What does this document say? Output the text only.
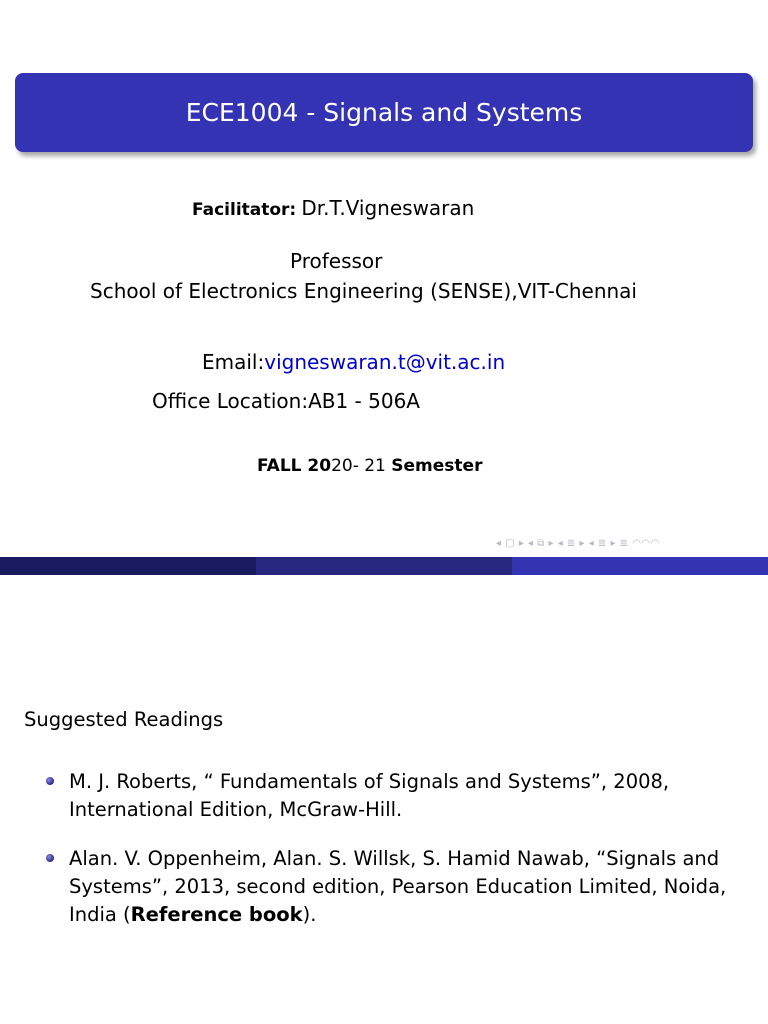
ECE1004 - Signals and Systems
Facilitator: Dr.T.Vigneswaran
Professor
School of Electronics Engineering (SENSE),VIT-Chennai
Email:vigneswaran.t@vit.ac.in
Office Location:AB1 - 506A
FALL 2020- 21 Semester
◂ ▢ ▸ ◂ ⧉ ▸ ◂ ≣ ▸ ◂ ≣ ▸ ≣ ◠◠◠
Suggested Readings
M. J. Roberts, “ Fundamentals of Signals and Systems”, 2008,
International Edition, McGraw-Hill.
Alan. V. Oppenheim, Alan. S. Willsk, S. Hamid Nawab, “Signals and
Systems”, 2013, second edition, Pearson Education Limited, Noida,
India (Reference book).
